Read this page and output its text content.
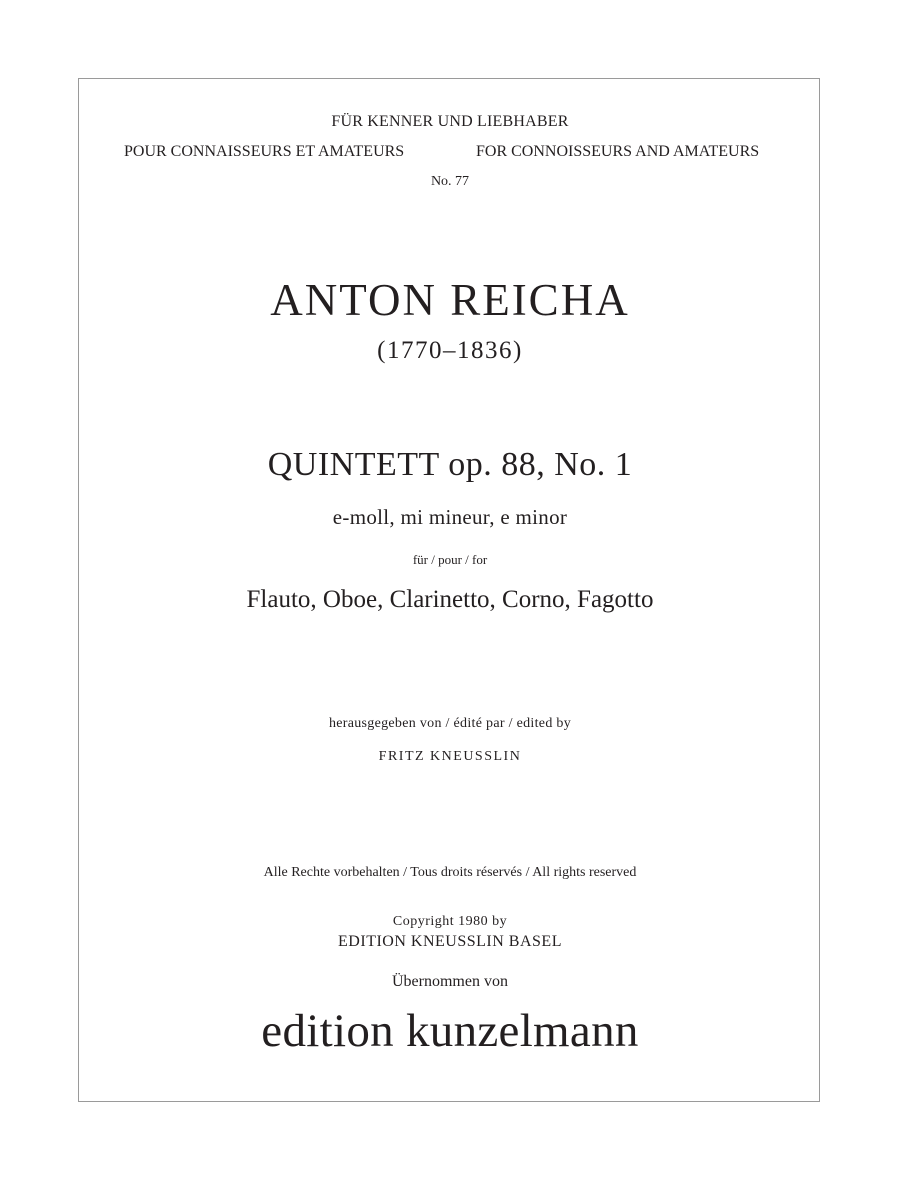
FÜR KENNER UND LIEBHABER
POUR CONNAISSEURS ET AMATEURS	FOR CONNOISSEURS AND AMATEURS
No. 77
ANTON REICHA
(1770–1836)
QUINTETT op. 88, No. 1
e-moll, mi mineur, e minor
für / pour / for
Flauto, Oboe, Clarinetto, Corno, Fagotto
herausgegeben von / édité par / edited by
FRITZ KNEUSSLIN
Alle Rechte vorbehalten / Tous droits réservés / All rights reserved
Copyright 1980 by
EDITION KNEUSSLIN BASEL
Übernommen von
edition kunzelmann
